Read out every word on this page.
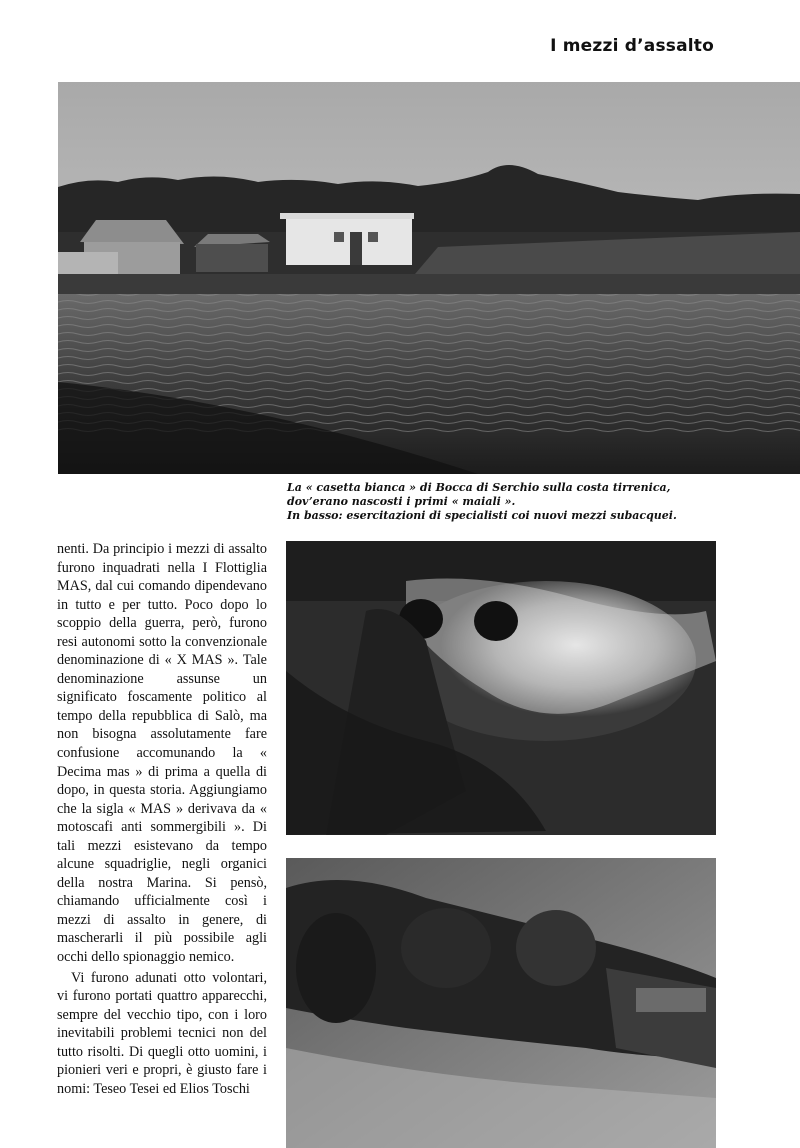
I mezzi d’assalto
La « casetta bianca » di Bocca di Serchio sulla costa tirrenica,
dov’erano nascosti i primi « maiali ».
In basso: esercitazioni di specialisti coi nuovi mezzi subacquei.

nenti. Da principio i mezzi di assalto furono inquadrati nella I Flottiglia MAS, dal cui comando dipendevano in tutto e per tutto. Poco dopo lo scoppio della guerra, però, furono resi autonomi sotto la convenzionale denominazione di « X MAS ». Tale denominazione assunse un significato foscamente politico al tempo della repubblica di Salò, ma non bisogna assolutamente fare confusione accomunando la « Decima mas » di prima a quella di dopo, in questa storia. Aggiungiamo che la sigla « MAS » derivava da « motoscafi anti sommergibili ». Di tali mezzi esistevano da tempo alcune squadriglie, negli organici della nostra Marina. Si pensò, chiamando ufficialmente così i mezzi di assalto in genere, di mascherarli il più possibile agli occhi dello spionaggio nemico.

Vi furono adunati otto volontari, vi furono portati quattro apparecchi, sempre del vecchio tipo, con i loro inevitabili problemi tecnici non del tutto risolti. Di quegli otto uomini, i pionieri veri e propri, è giusto fare i nomi: Teseo Tesei ed Elios Toschi
